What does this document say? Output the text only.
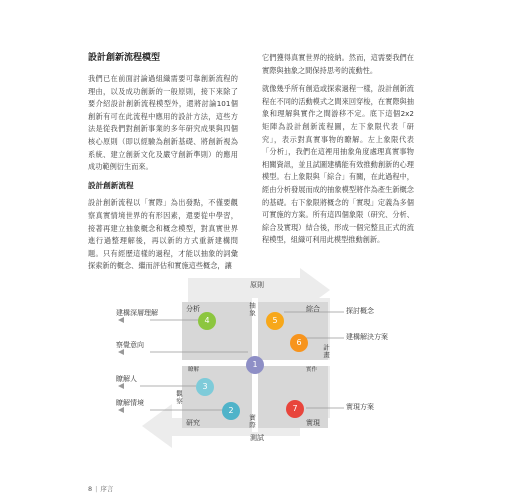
設計創新流程模型

我們已在前面討論過組織需要可靠創新流程的理由，以及成功創新的一般原則，接下來除了要介紹設計創新流程模型外，還將討論101個創新有可在此流程中應用的設計方法，這些方法是從我們對創新事業的多年研究成果與四個核心原則（即以經驗為創新基礎、將創新視為系統、建立創新文化及嚴守創新準則）的應用成功範例衍生而來。

設計創新流程

設計創新流程以「實際」為出發點，不僅要觀察真實情境世界的有形因素，還要從中學習，接著再建立抽象概念和概念模型，對真實世界進行過整理解後，再以新的方式重新建構問題。只有經歷這樣的過程，才能以抽象的詞彙探索新的概念、繼而評估和實施這些概念，讓

它們獲得真實世界的接納。然而，這需要我們在實際與抽象之間保持思考的流動性。

就像幾乎所有創造或探索過程一樣，設計創新流程在不同的活動模式之間來回穿梭，在實際與抽象和理解與實作之間游移不定。底下這個2x2 矩陣為設計創新流程圖，左下象限代表「研究」，表示對真實事物的瞭解。左上象限代表「分析」，我們在這裡用抽象角度處理真實事物相關資訊，並且試圖建構能有效推動創新的心理模型。右上象限與「綜合」有關，在此過程中，經由分析發展而成的抽象模型將作為產生新概念的基礎。右下象限將概念的「實現」定義為多個可實施的方案。所有這四個象限（研究、分析、綜合及實現）結合後，形成一個完整且正式的流程模型，組織可利用此模型推動創新。

原則
測試
分析	綜合
研究	實現
瞭解	實作
抽象
實際
觀察
計畫
建構深層理解
察覺意向
瞭解人
瞭解情境
探討概念
建構解決方案
實現方案
4	5
6
1
3
2	7
8 | 序言
